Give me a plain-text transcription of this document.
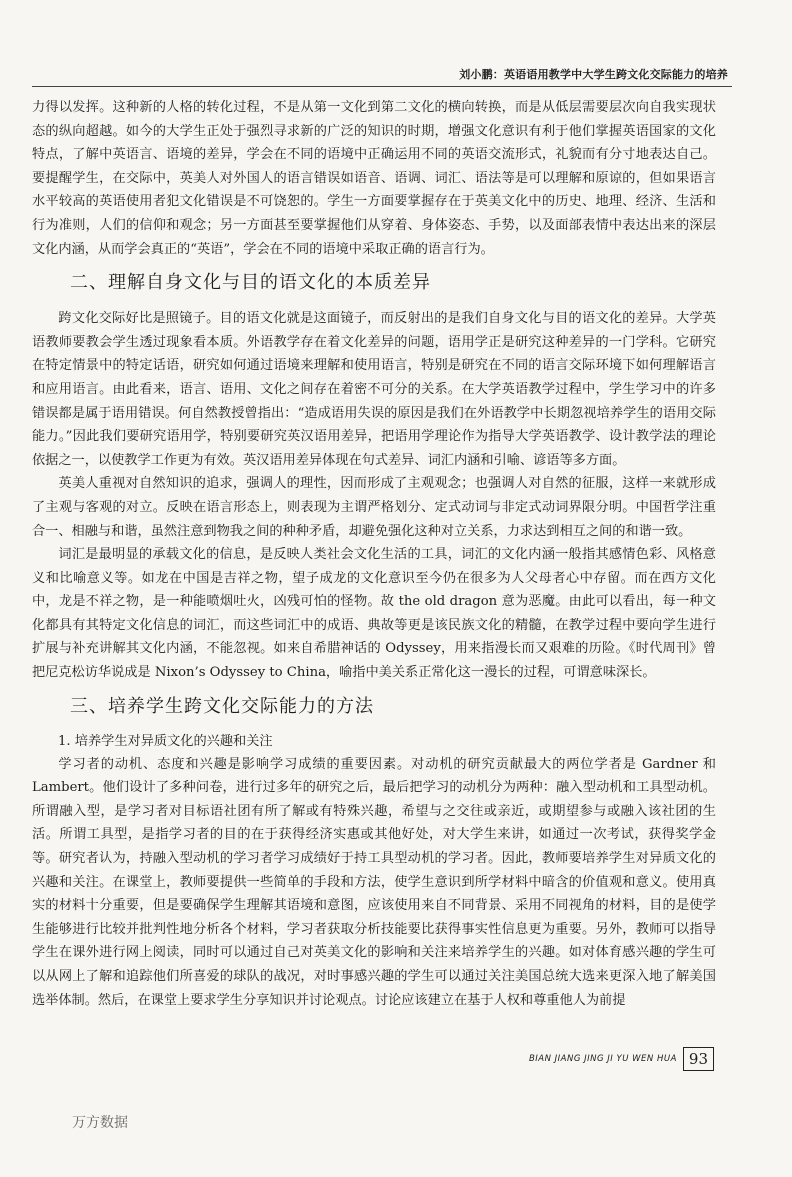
刘小鹏：英语语用教学中大学生跨文化交际能力的培养

力得以发挥。这种新的人格的转化过程，不是从第一文化到第二文化的横向转换，而是从低层需要层次向自我实现状态的纵向超越。如今的大学生正处于强烈寻求新的广泛的知识的时期，增强文化意识有利于他们掌握英语国家的文化特点，了解中英语言、语境的差异，学会在不同的语境中正确运用不同的英语交流形式，礼貌而有分寸地表达自己。要提醒学生，在交际中，英美人对外国人的语言错误如语音、语调、词汇、语法等是可以理解和原谅的，但如果语言水平较高的英语使用者犯文化错误是不可饶恕的。学生一方面要掌握存在于英美文化中的历史、地理、经济、生活和行为准则，人们的信仰和观念；另一方面甚至要掌握他们从穿着、身体姿态、手势，以及面部表情中表达出来的深层文化内涵，从而学会真正的“英语”，学会在不同的语境中采取正确的语言行为。

二、理解自身文化与目的语文化的本质差异

跨文化交际好比是照镜子。目的语文化就是这面镜子，而反射出的是我们自身文化与目的语文化的差异。大学英语教师要教会学生透过现象看本质。外语教学存在着文化差异的问题，语用学正是研究这种差异的一门学科。它研究在特定情景中的特定话语，研究如何通过语境来理解和使用语言，特别是研究在不同的语言交际环境下如何理解语言和应用语言。由此看来，语言、语用、文化之间存在着密不可分的关系。在大学英语教学过程中，学生学习中的许多错误都是属于语用错误。何自然教授曾指出：“造成语用失误的原因是我们在外语教学中长期忽视培养学生的语用交际能力。”因此我们要研究语用学，特别要研究英汉语用差异，把语用学理论作为指导大学英语教学、设计教学法的理论依据之一，以使教学工作更为有效。英汉语用差异体现在句式差异、词汇内涵和引喻、谚语等多方面。

英美人重视对自然知识的追求，强调人的理性，因而形成了主观观念；也强调人对自然的征服，这样一来就形成了主观与客观的对立。反映在语言形态上，则表现为主谓严格划分、定式动词与非定式动词界限分明。中国哲学注重合一、相融与和谐，虽然注意到物我之间的种种矛盾，却避免强化这种对立关系，力求达到相互之间的和谐一致。

词汇是最明显的承载文化的信息，是反映人类社会文化生活的工具，词汇的文化内涵一般指其感情色彩、风格意义和比喻意义等。如龙在中国是吉祥之物，望子成龙的文化意识至今仍在很多为人父母者心中存留。而在西方文化中，龙是不祥之物，是一种能喷烟吐火，凶残可怕的怪物。故 the old dragon 意为恶魔。由此可以看出，每一种文化都具有其特定文化信息的词汇，而这些词汇中的成语、典故等更是该民族文化的精髓，在教学过程中要向学生进行扩展与补充讲解其文化内涵，不能忽视。如来自希腊神话的 Odyssey，用来指漫长而又艰难的历险。《时代周刊》曾把尼克松访华说成是 Nixon’s Odyssey to China，喻指中美关系正常化这一漫长的过程，可谓意味深长。

三、培养学生跨文化交际能力的方法
1. 培养学生对异质文化的兴趣和关注

学习者的动机、态度和兴趣是影响学习成绩的重要因素。对动机的研究贡献最大的两位学者是 Gardner 和 Lambert。他们设计了多种问卷，进行过多年的研究之后，最后把学习的动机分为两种：融入型动机和工具型动机。所谓融入型，是学习者对目标语社团有所了解或有特殊兴趣，希望与之交往或亲近，或期望参与或融入该社团的生活。所谓工具型，是指学习者的目的在于获得经济实惠或其他好处，对大学生来讲，如通过一次考试，获得奖学金等。研究者认为，持融入型动机的学习者学习成绩好于持工具型动机的学习者。因此，教师要培养学生对异质文化的兴趣和关注。在课堂上，教师要提供一些简单的手段和方法，使学生意识到所学材料中暗含的价值观和意义。使用真实的材料十分重要，但是要确保学生理解其语境和意图，应该使用来自不同背景、采用不同视角的材料，目的是使学生能够进行比较并批判性地分析各个材料，学习者获取分析技能要比获得事实性信息更为重要。另外，教师可以指导学生在课外进行网上阅读，同时可以通过自己对英美文化的影响和关注来培养学生的兴趣。如对体育感兴趣的学生可以从网上了解和追踪他们所喜爱的球队的战况，对时事感兴趣的学生可以通过关注美国总统大选来更深入地了解美国选举体制。然后，在课堂上要求学生分享知识并讨论观点。讨论应该建立在基于人权和尊重他人为前提

BIAN JIANG JING JI YU WEN HUA 93
万方数据
